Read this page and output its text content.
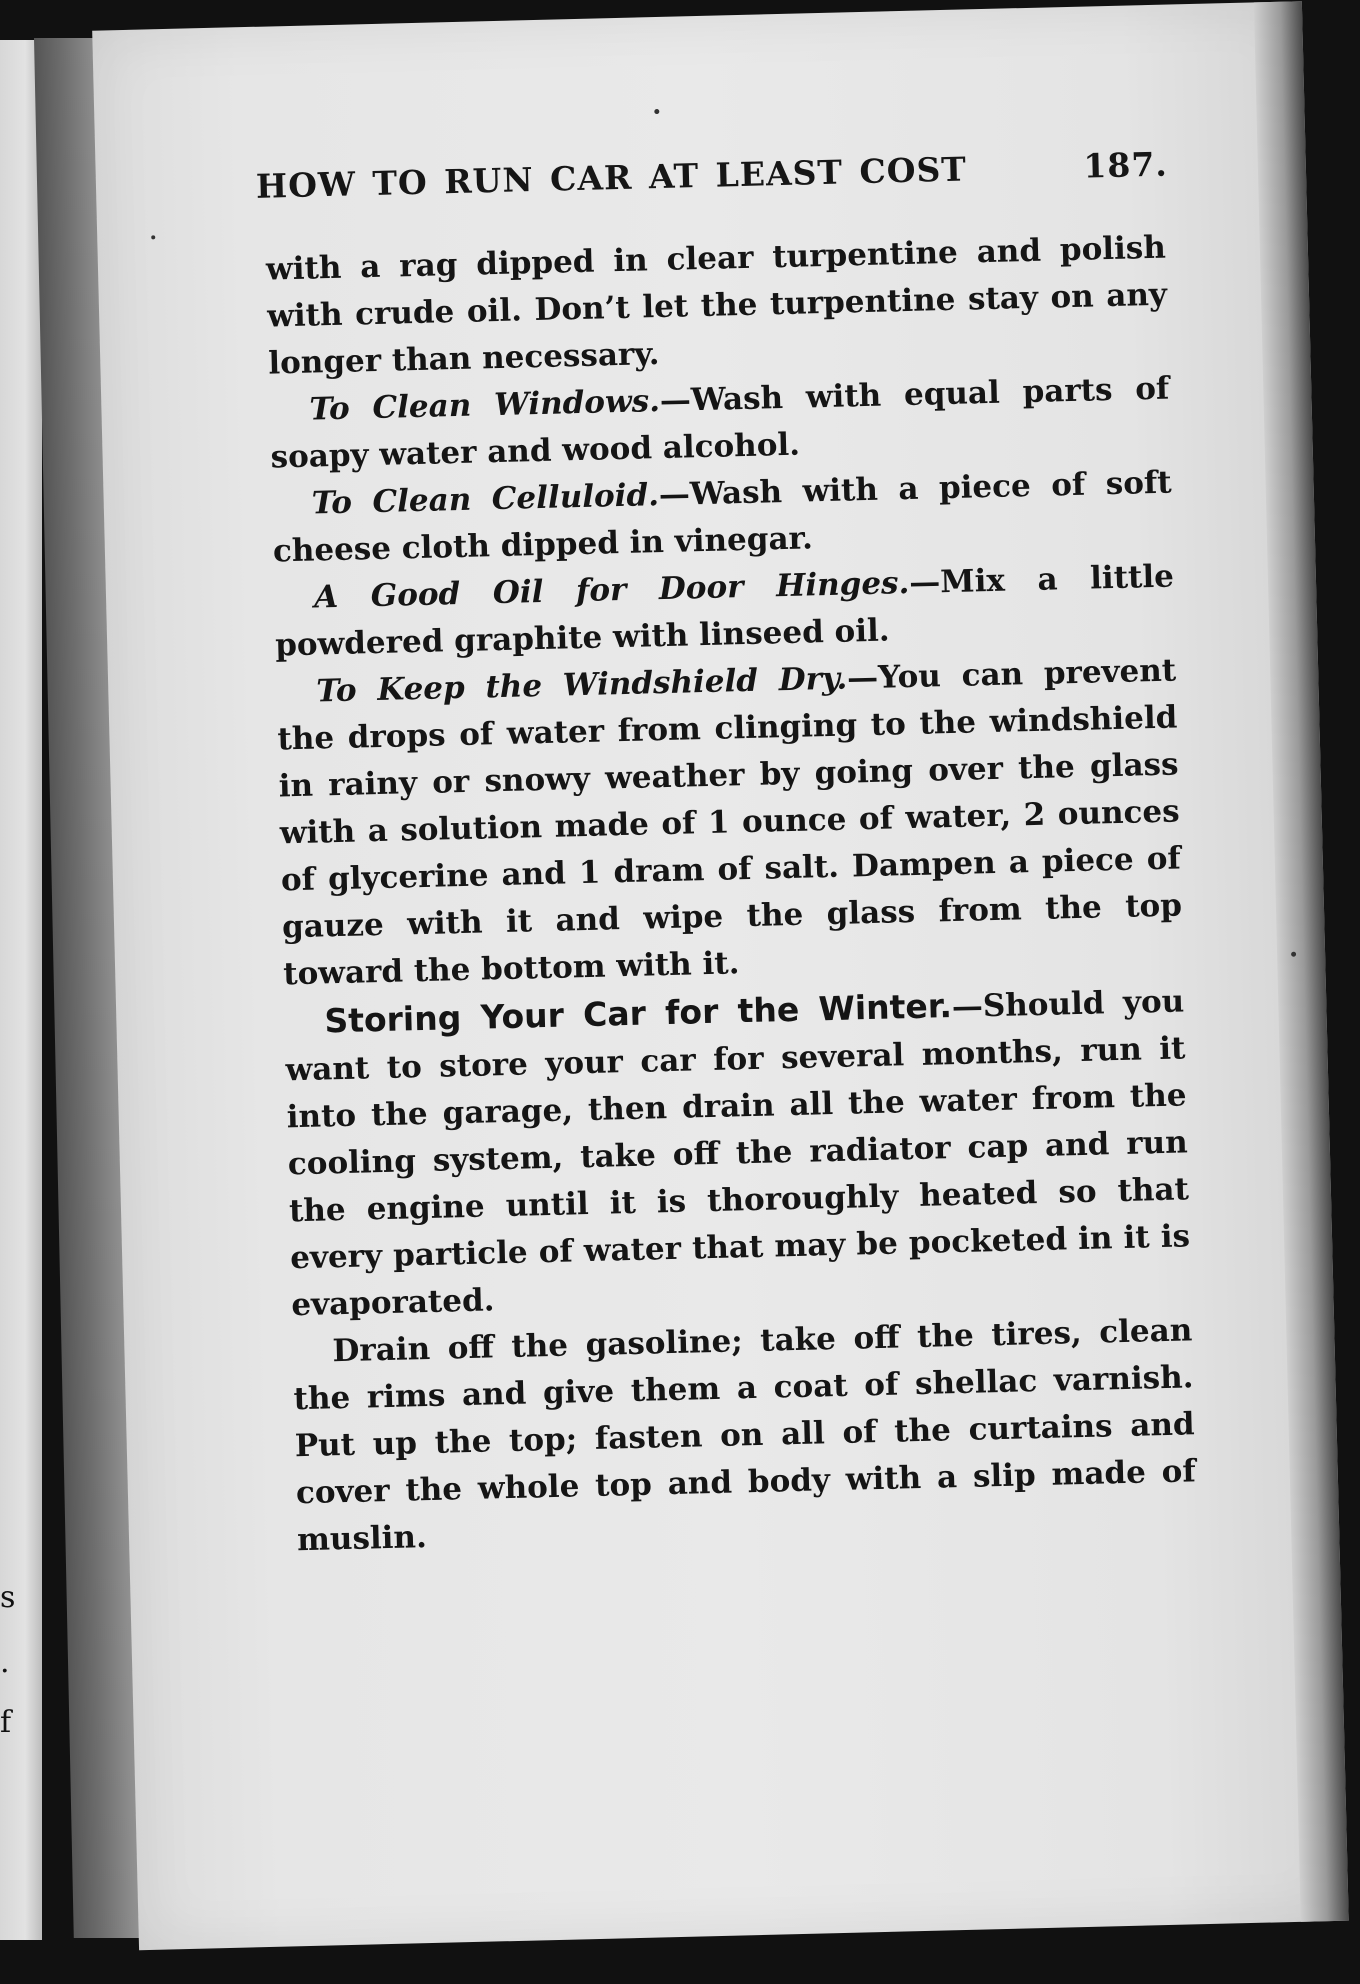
s
.
f
HOW TO RUN CAR AT LEAST COST	187.

with a rag dipped in clear turpentine and polish with crude oil. Don’t let the turpentine stay on any longer than necessary.

To Clean Windows.—Wash with equal parts of soapy water and wood alcohol.

To Clean Celluloid.—Wash with a piece of soft cheese cloth dipped in vinegar.

A Good Oil for Door Hinges.—Mix a little powdered graphite with linseed oil.

To Keep the Windshield Dry.—You can prevent the drops of water from clinging to the windshield in rainy or snowy weather by going over the glass with a solution made of 1 ounce of water, 2 ounces of glycerine and 1 dram of salt. Dampen a piece of gauze with it and wipe the glass from the top toward the bottom with it.

Storing Your Car for the Winter.—Should you want to store your car for several months, run it into the garage, then drain all the water from the cooling system, take off the radiator cap and run the engine until it is thoroughly heated so that every particle of water that may be pocketed in it is evaporated.

Drain off the gasoline; take off the tires, clean the rims and give them a coat of shellac varnish. Put up the top; fasten on all of the curtains and cover the whole top and body with a slip made of muslin.
